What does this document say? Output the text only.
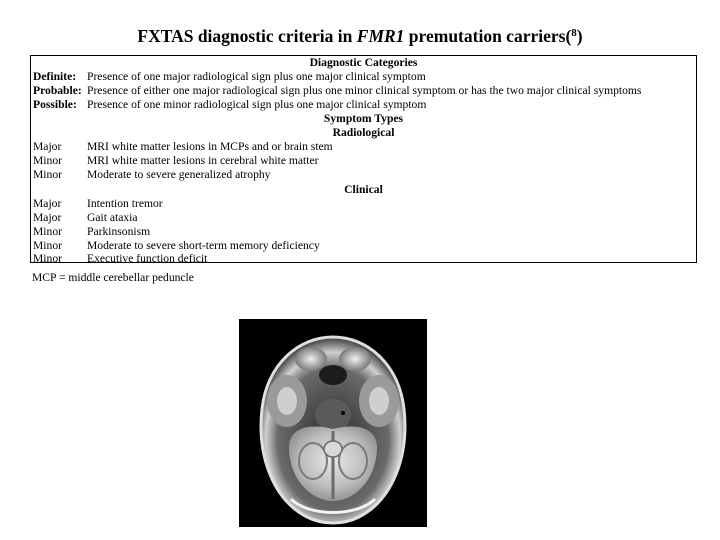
FXTAS diagnostic criteria in FMR1 premutation carriers($^8$)
Diagnostic Categories
Definite: Presence of one major radiological sign plus one major clinical symptom
Probable: Presence of either one major radiological sign plus one minor clinical symptom or has the two major clinical symptoms
Possible: Presence of one minor radiological sign plus one major clinical symptom
Symptom Types
Radiological
Major MRI white matter lesions in MCPs and or brain stem
Minor MRI white matter lesions in cerebral white matter
Minor Moderate to severe generalized atrophy
Clinical
Major Intention tremor
Major Gait ataxia
Minor Parkinsonism
Minor Moderate to severe short-term memory deficiency
Minor Executive function deficit
MCP = middle cerebellar peduncle
